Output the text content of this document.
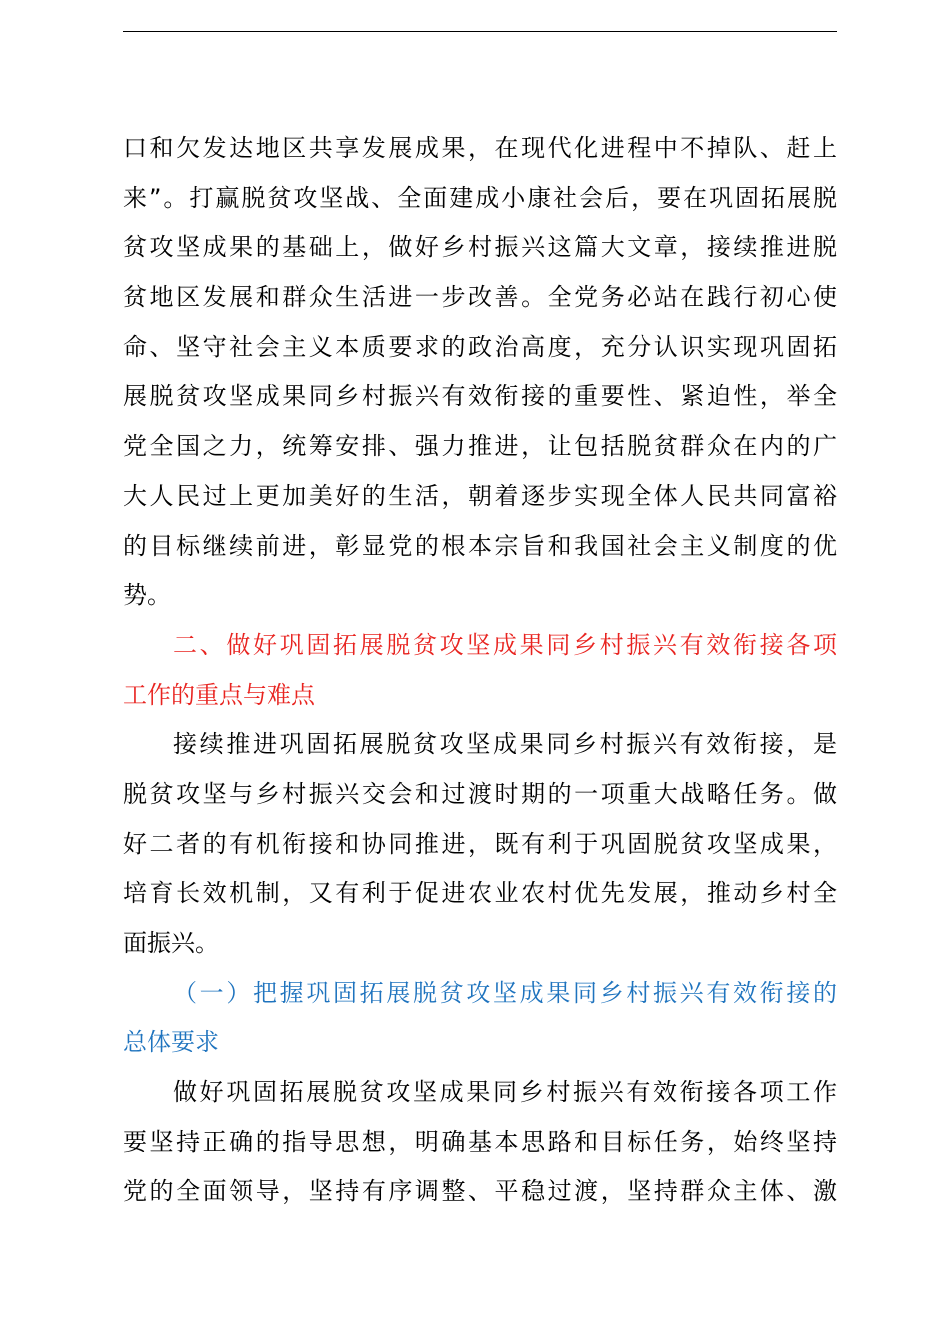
口和欠发达地区共享发展成果，在现代化进程中不掉队、赶上
来”。打赢脱贫攻坚战、全面建成小康社会后，要在巩固拓展脱
贫攻坚成果的基础上，做好乡村振兴这篇大文章，接续推进脱
贫地区发展和群众生活进一步改善。全党务必站在践行初心使
命、坚守社会主义本质要求的政治高度，充分认识实现巩固拓
展脱贫攻坚成果同乡村振兴有效衔接的重要性、紧迫性，举全
党全国之力，统筹安排、强力推进，让包括脱贫群众在内的广
大人民过上更加美好的生活，朝着逐步实现全体人民共同富裕
的目标继续前进，彰显党的根本宗旨和我国社会主义制度的优
势。
二、做好巩固拓展脱贫攻坚成果同乡村振兴有效衔接各项
工作的重点与难点
接续推进巩固拓展脱贫攻坚成果同乡村振兴有效衔接，是
脱贫攻坚与乡村振兴交会和过渡时期的一项重大战略任务。做
好二者的有机衔接和协同推进，既有利于巩固脱贫攻坚成果，
培育长效机制，又有利于促进农业农村优先发展，推动乡村全
面振兴。
（一）把握巩固拓展脱贫攻坚成果同乡村振兴有效衔接的
总体要求
做好巩固拓展脱贫攻坚成果同乡村振兴有效衔接各项工作
要坚持正确的指导思想，明确基本思路和目标任务，始终坚持
党的全面领导，坚持有序调整、平稳过渡，坚持群众主体、激
